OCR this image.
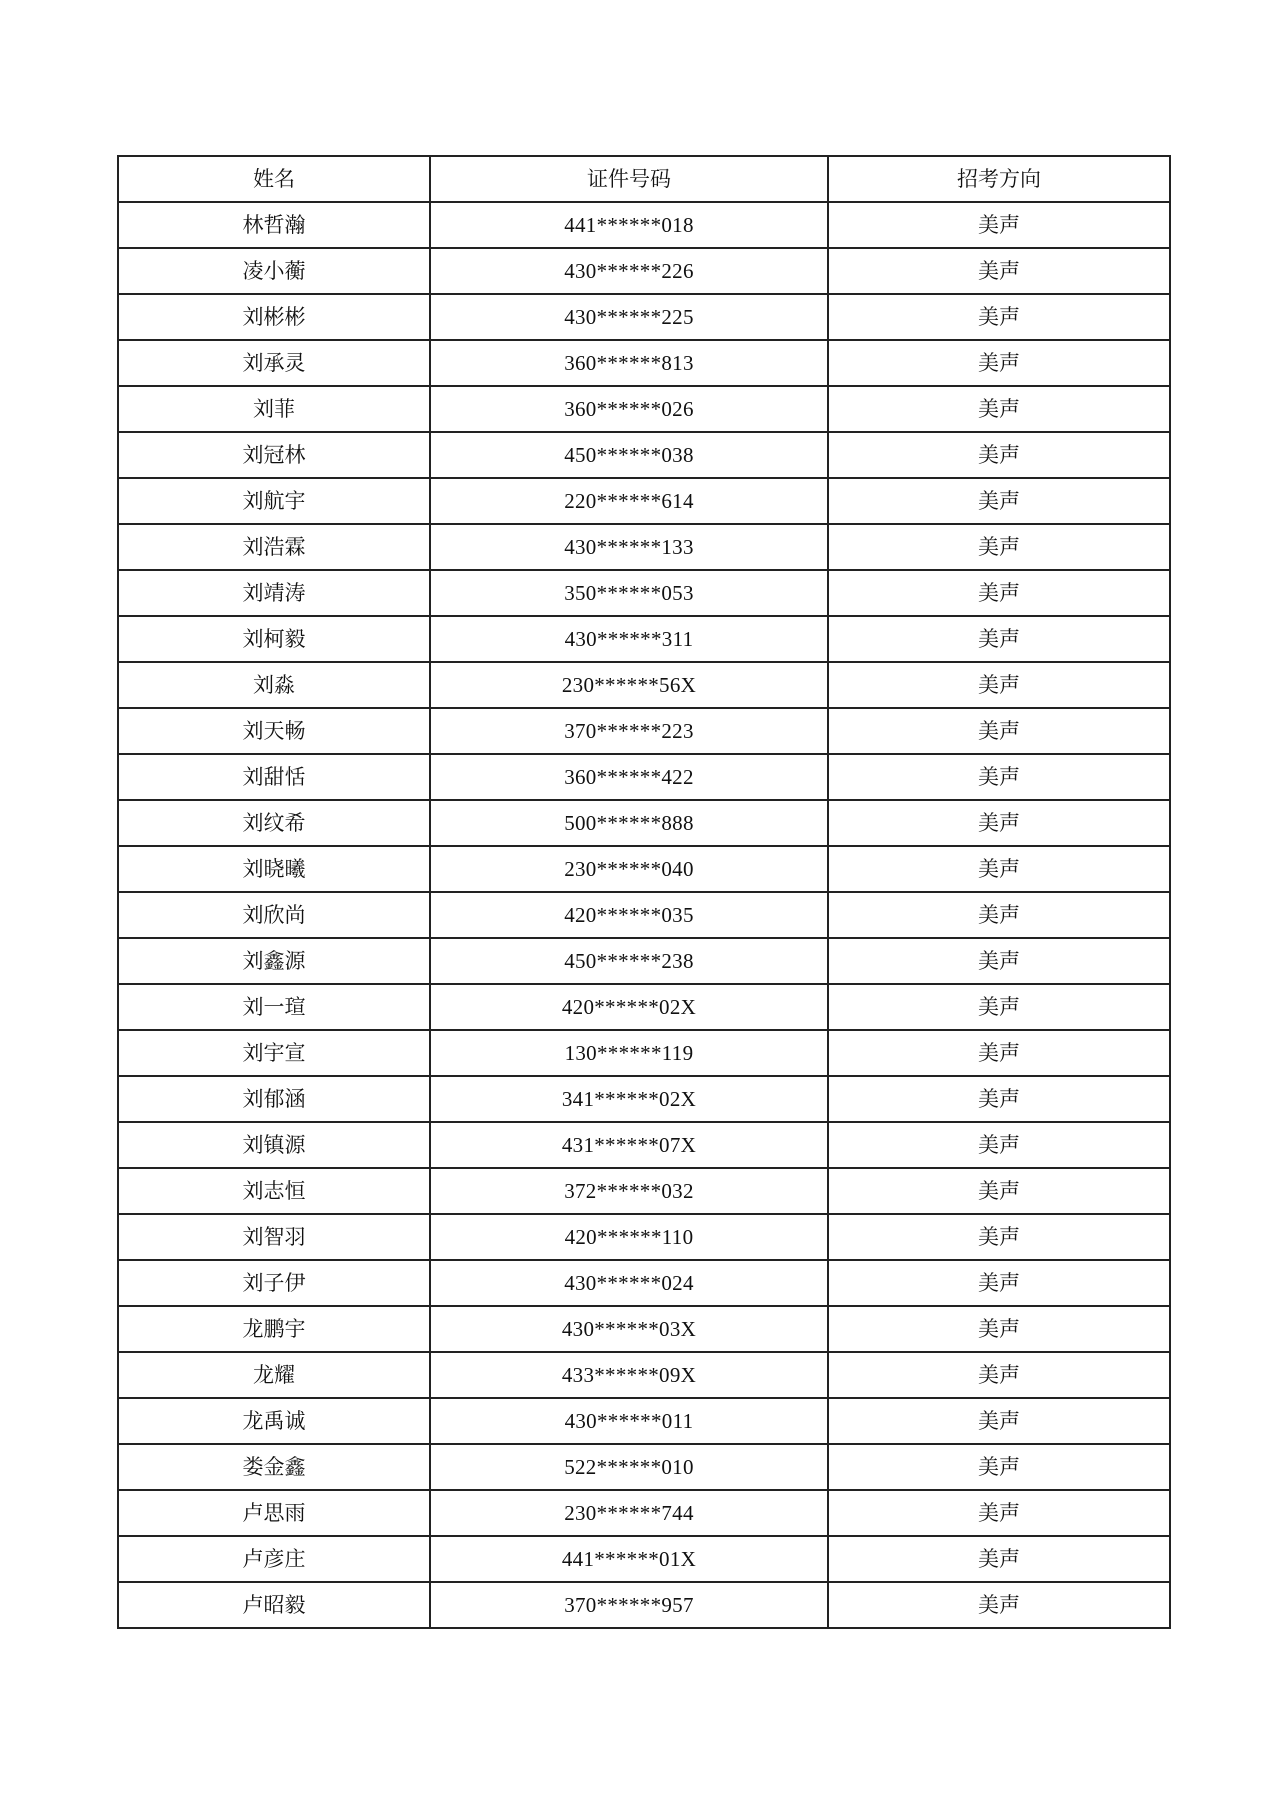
姓名	证件号码	招考方向
林哲瀚	441******018	美声
凌小蘅	430******226	美声
刘彬彬	430******225	美声
刘承灵	360******813	美声
刘菲	360******026	美声
刘冠林	450******038	美声
刘航宇	220******614	美声
刘浩霖	430******133	美声
刘靖涛	350******053	美声
刘柯毅	430******311	美声
刘淼	230******56X	美声
刘天畅	370******223	美声
刘甜恬	360******422	美声
刘纹希	500******888	美声
刘晓曦	230******040	美声
刘欣尚	420******035	美声
刘鑫源	450******238	美声
刘一瑄	420******02X	美声
刘宇宣	130******119	美声
刘郁涵	341******02X	美声
刘镇源	431******07X	美声
刘志恒	372******032	美声
刘智羽	420******110	美声
刘子伊	430******024	美声
龙鹏宇	430******03X	美声
龙耀	433******09X	美声
龙禹诚	430******011	美声
娄金鑫	522******010	美声
卢思雨	230******744	美声
卢彦庄	441******01X	美声
卢昭毅	370******957	美声
